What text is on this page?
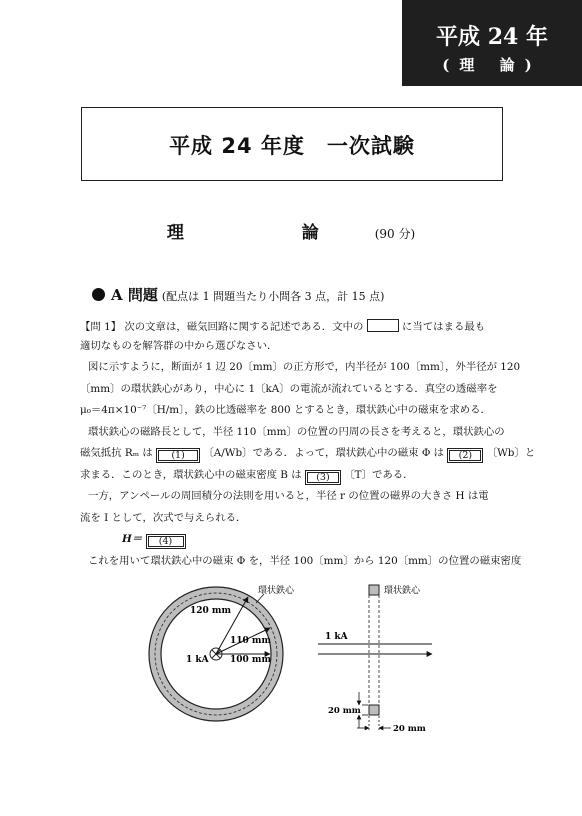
平成 24 年
(理 論)
平成 24 年度　一次試験
理 論(90 分)
A 問題 (配点は 1 問題当たり小問各 3 点，計 15 点)
【問 1】 次の文章は，磁気回路に関する記述である．文中の	に当てはまる最も
適切なものを解答群の中から選びなさい．
図に示すように，断面が 1 辺 20〔mm〕の正方形で，内半径が 100〔mm〕，外半径が 120
〔mm〕の環状鉄心があり，中心に 1〔kA〕の電流が流れているとする．真空の透磁率を
μ₀＝4π×10⁻⁷〔H/m〕，鉄の比透磁率を 800 とするとき，環状鉄心中の磁束を求める．
環状鉄心の磁路長として，半径 110〔mm〕の位置の円周の長さを考えると，環状鉄心の
磁気抵抗 Rₘ は (1) 〔A/Wb〕である．よって，環状鉄心中の磁束 Φ は (2) 〔Wb〕と
求まる．このとき，環状鉄心中の磁束密度 B は (3) 〔T〕である．
一方，アンペールの周回積分の法則を用いると，半径 r の位置の磁界の大きさ H は電
流を I として，次式で与えられる．
H＝ (4)
これを用いて環状鉄心中の磁束 Φ を，半径 100〔mm〕から 120〔mm〕の位置の磁束密度
環状鉄心
120 mm
110 mm
100 mm
1 kA
環状鉄心
1 kA
20 mm
20 mm
